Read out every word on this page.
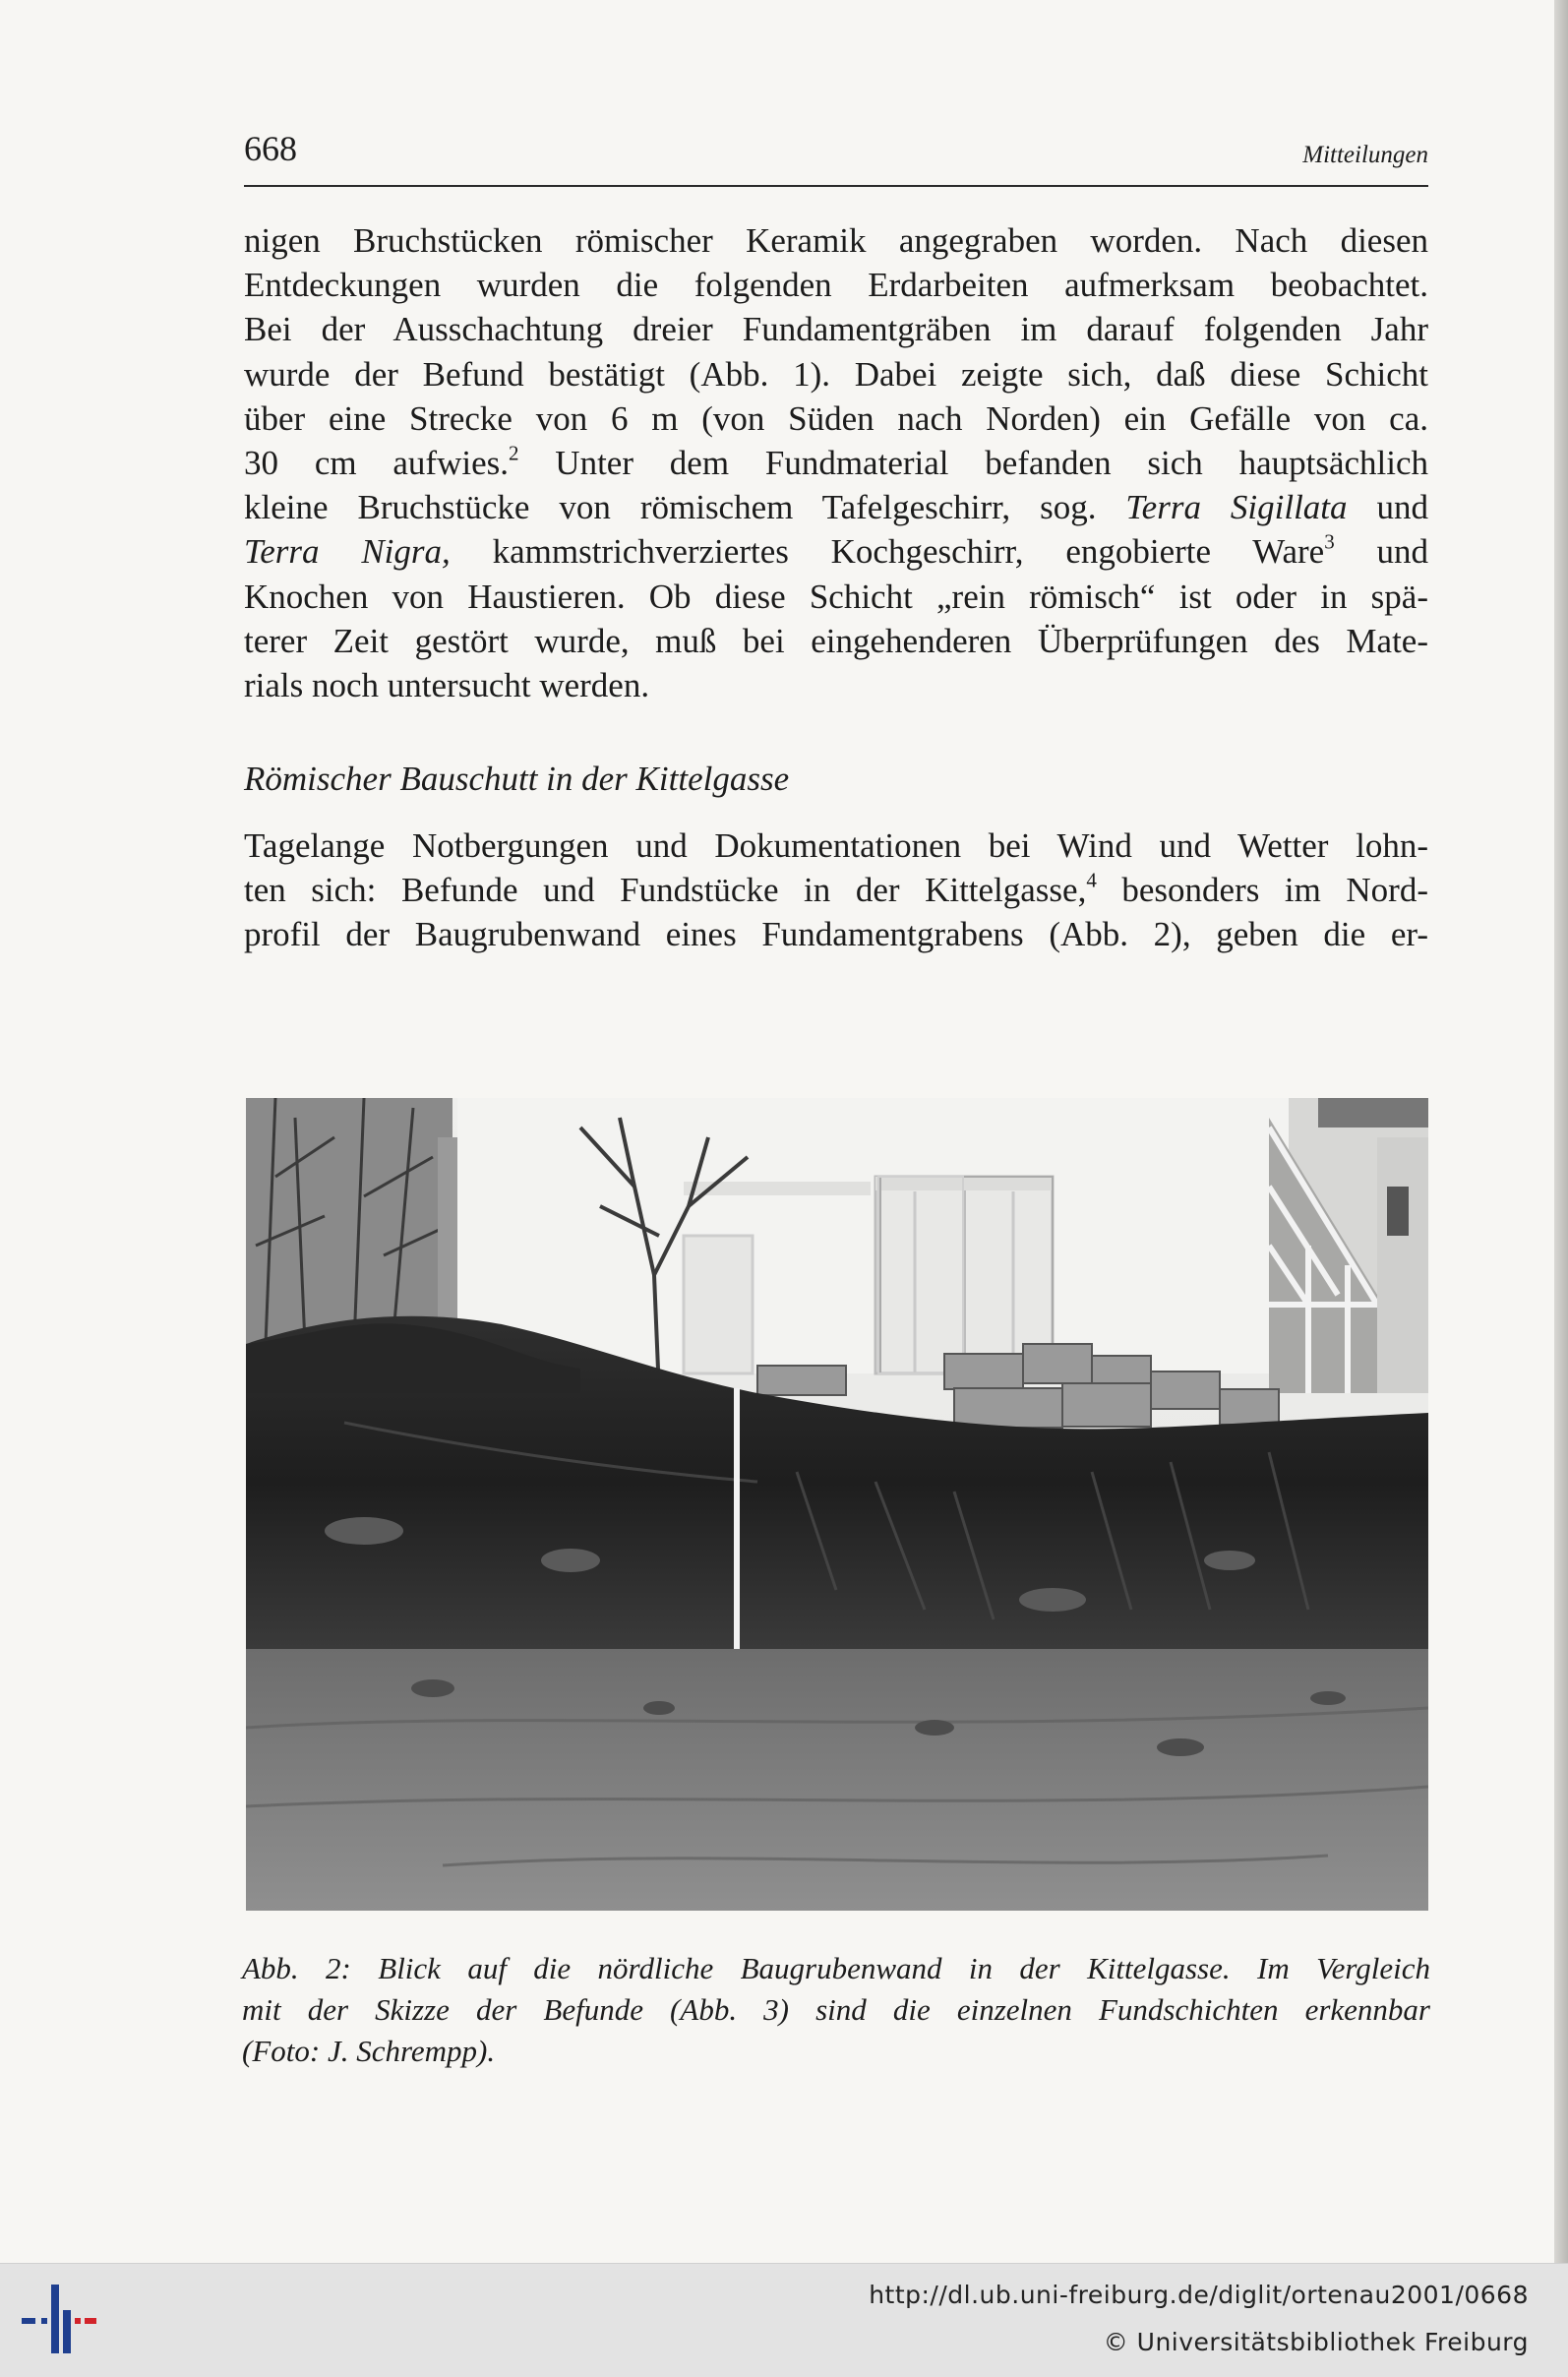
668	Mitteilungen
nigen Bruchstücken römischer Keramik angegraben worden. Nach diesen
Entdeckungen wurden die folgenden Erdarbeiten aufmerksam beobachtet.
Bei der Ausschachtung dreier Fundamentgräben im darauf folgenden Jahr
wurde der Befund bestätigt (Abb. 1). Dabei zeigte sich, daß diese Schicht
über eine Strecke von 6 m (von Süden nach Norden) ein Gefälle von ca.
30 cm aufwies.$^2$ Unter dem Fundmaterial befanden sich hauptsächlich
kleine Bruchstücke von römischem Tafelgeschirr, sog. Terra Sigillata und
Terra Nigra, kammstrichverziertes Kochgeschirr, engobierte Ware$^3$ und
Knochen von Haustieren. Ob diese Schicht „rein römisch“ ist oder in spä-
terer Zeit gestört wurde, muß bei eingehenderen Überprüfungen des Mate-
rials noch untersucht werden.
Römischer Bauschutt in der Kittelgasse
Tagelange Notbergungen und Dokumentationen bei Wind und Wetter lohn-
ten sich: Befunde und Fundstücke in der Kittelgasse,$^4$ besonders im Nord-
profil der Baugrubenwand eines Fundamentgrabens (Abb. 2), geben die er-
Abb. 2: Blick auf die nördliche Baugrubenwand in der Kittelgasse. Im Vergleich
mit der Skizze der Befunde (Abb. 3) sind die einzelnen Fundschichten erkennbar
(Foto: J. Schrempp).
http://dl.ub.uni-freiburg.de/diglit/ortenau2001/0668
© Universitätsbibliothek Freiburg
